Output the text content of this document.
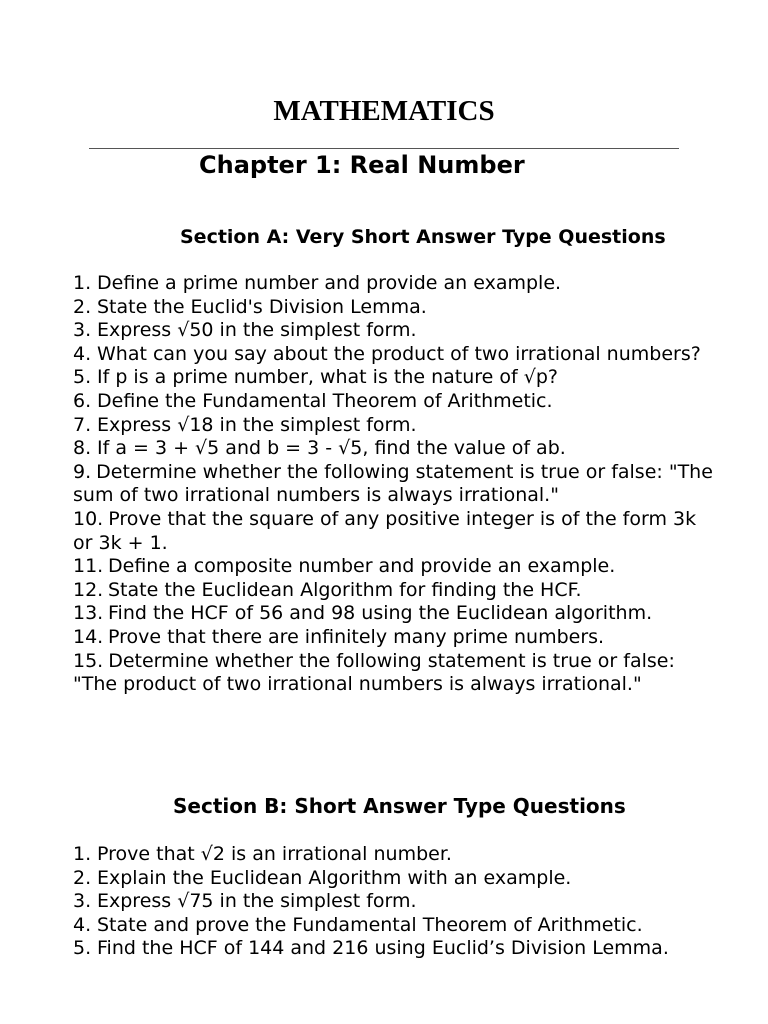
MATHEMATICS
Chapter 1: Real Number
Section A: Very Short Answer Type Questions
1. Define a prime number and provide an example.
2. State the Euclid's Division Lemma.
3. Express √50 in the simplest form.
4. What can you say about the product of two irrational numbers?
5. If p is a prime number, what is the nature of √p?
6. Define the Fundamental Theorem of Arithmetic.
7. Express √18 in the simplest form.
8. If a = 3 + √5 and b = 3 - √5, find the value of ab.
9. Determine whether the following statement is true or false: "The sum of two irrational numbers is always irrational."
10. Prove that the square of any positive integer is of the form 3k or 3k + 1.
11. Define a composite number and provide an example.
12. State the Euclidean Algorithm for finding the HCF.
13. Find the HCF of 56 and 98 using the Euclidean algorithm.
14. Prove that there are infinitely many prime numbers.
15. Determine whether the following statement is true or false: "The product of two irrational numbers is always irrational."
Section B: Short Answer Type Questions
1. Prove that √2 is an irrational number.
2. Explain the Euclidean Algorithm with an example.
3. Express √75 in the simplest form.
4. State and prove the Fundamental Theorem of Arithmetic.
5. Find the HCF of 144 and 216 using Euclid’s Division Lemma.
